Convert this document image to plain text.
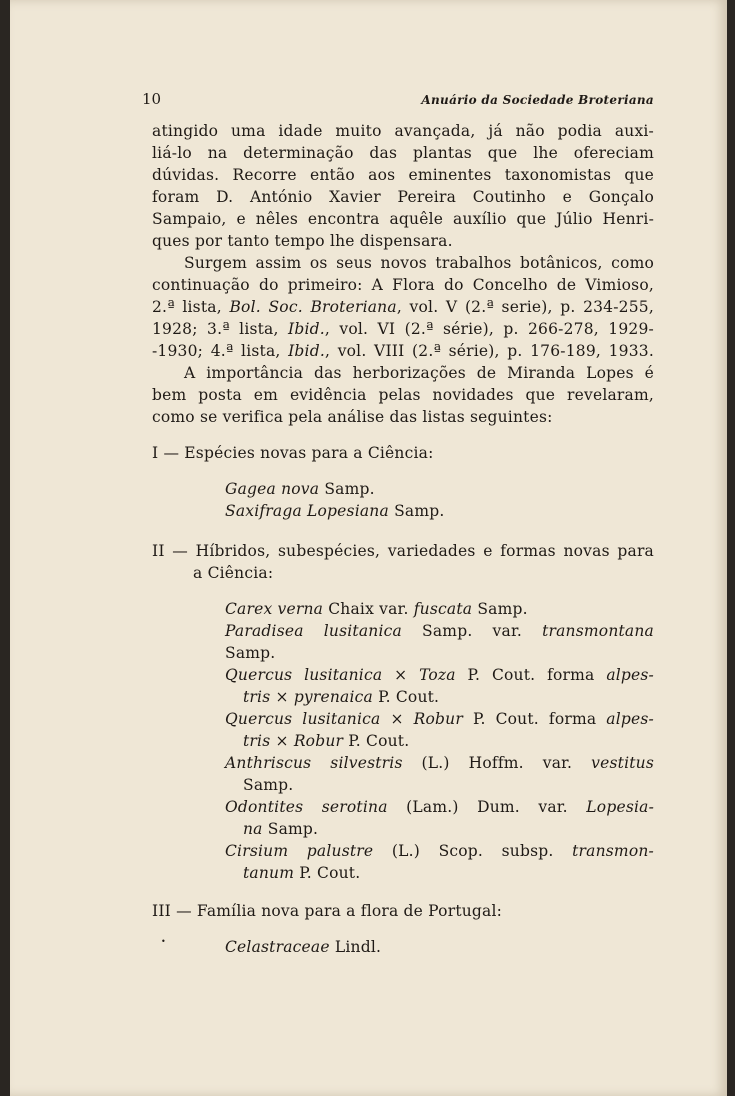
10	Anuário da Sociedade Broteriana
atingido uma idade muito avançada, já não podia auxi-
liá-lo na determinação das plantas que lhe ofereciam
dúvidas. Recorre então aos eminentes taxonomistas que
foram D. António Xavier Pereira Coutinho e Gonçalo
Sampaio, e nêles encontra aquêle auxílio que Júlio Henri-
ques por tanto tempo lhe dispensara.
Surgem assim os seus novos trabalhos botânicos, como
continuação do primeiro: A Flora do Concelho de Vimioso,
2.ª lista, Bol. Soc. Broteriana, vol. V (2.ª serie), p. 234-255,
1928; 3.ª lista, Ibid., vol. VI (2.ª série), p. 266-278, 1929-
-1930; 4.ª lista, Ibid., vol. VIII (2.ª série), p. 176-189, 1933.
A importância das herborizações de Miranda Lopes é
bem posta em evidência pelas novidades que revelaram,
como se verifica pela análise das listas seguintes:
I — Espécies novas para a Ciência:
Gagea nova Samp.
Saxifraga Lopesiana Samp.
II — Híbridos, subespécies, variedades e formas novas para
a Ciência:
Carex verna Chaix var. fuscata Samp.
Paradisea lusitanica Samp. var. transmontana
Samp.
Quercus lusitanica × Toza P. Cout. forma alpes-
tris × pyrenaica P. Cout.
Quercus lusitanica × Robur P. Cout. forma alpes-
tris × Robur P. Cout.
Anthriscus silvestris (L.) Hoffm. var. vestitus
Samp.
Odontites serotina (Lam.) Dum. var. Lopesia-
na Samp.
Cirsium palustre (L.) Scop. subsp. transmon-
tanum P. Cout.
III — Família nova para a flora de Portugal:
•	Celastraceae Lindl.
